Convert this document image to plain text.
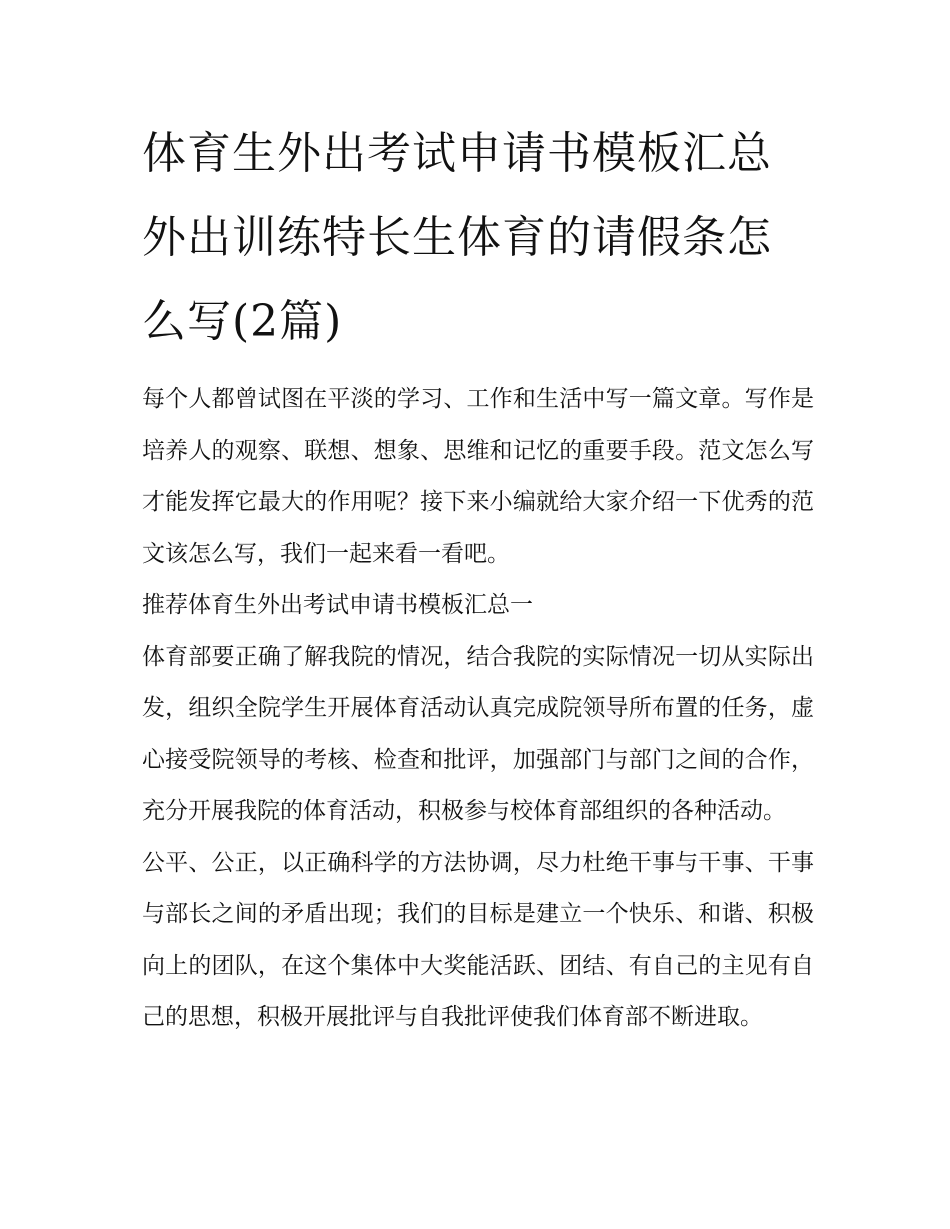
体育生外出考试申请书模板汇总 外出训练特长生体育的请假条怎么写(2篇)

每个人都曾试图在平淡的学习、工作和生活中写一篇文章。写作是培养人的观察、联想、想象、思维和记忆的重要手段。范文怎么写才能发挥它最大的作用呢？接下来小编就给大家介绍一下优秀的范文该怎么写，我们一起来看一看吧。

推荐体育生外出考试申请书模板汇总一

体育部要正确了解我院的情况，结合我院的实际情况一切从实际出发，组织全院学生开展体育活动认真完成院领导所布置的任务，虚心接受院领导的考核、检查和批评，加强部门与部门之间的合作，充分开展我院的体育活动，积极参与校体育部组织的各种活动。

公平、公正，以正确科学的方法协调，尽力杜绝干事与干事、干事与部长之间的矛盾出现；我们的目标是建立一个快乐、和谐、积极向上的团队，在这个集体中大奖能活跃、团结、有自己的主见有自己的思想，积极开展批评与自我批评使我们体育部不断进取。
